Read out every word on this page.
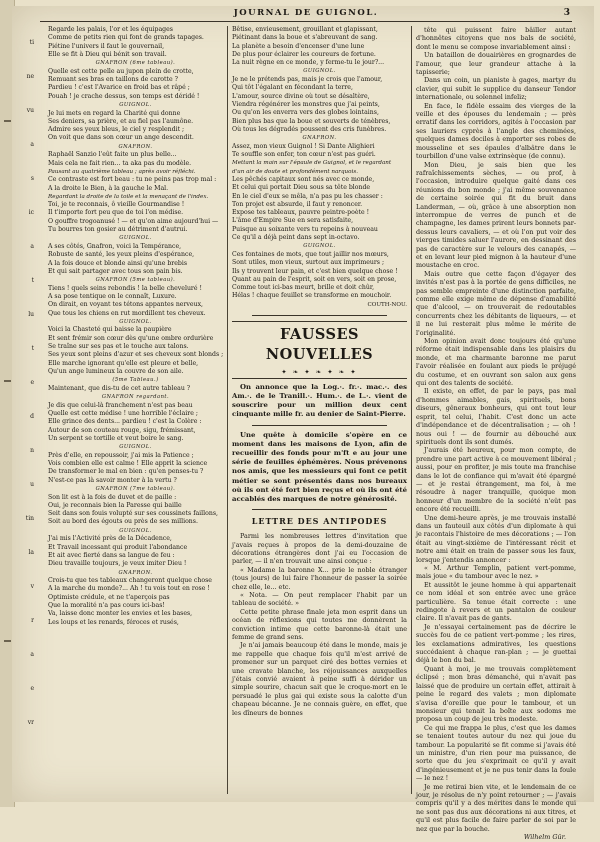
ti
ne
vu
a
s
ic
a
t
lu
t
e
d
n
u
tin
la
v
r
a
e
vr
JOURNAL DE GUIGNOL.	3
Regarde les palais, l'or et les équipages
Comme de petits rien qui font de grands tapages.
Piétine l'univers il faut le gouvernail,
Elle se fit à Dieu qui bénit son travail.
GNAFRON (6me tableau).
Quelle est cette pelle au jupon plein de crotte,
Remuant ses bras en taillons de carotte ?
Pardieu ! c'est l'Avarice en froid bas et râpé ;
Pouah ! je crache dessus, son temps est déridé !
GUIGNOL.
Je lui mets en regard la Charité qui donne
Ses deniers, sa prière, et au fiel pas l'aumône.
Admire ses yeux bleus, le ciel y resplendit ;
On voit que dans son cœur un ange descendit.
GNAFRON.
Raphaël Sanzio l'eût faite un plus belle...
Mais cela ne fait rien... ta aka pas du modèle.
Pausant au quatrième tableau ; après avoir réfléchi.
Ce contraste est fort beau : tu ne peins pas trop mal :
A la droite le Bien, à la gauche le Mal.
Regardant la droite de la toile et la menaçant de l'index.
Toi, je te reconnais, ô vieille Gourmandise !
Il t'importe fort peu que de toi l'on médise.
O gouffre trogoanusé ! — et qu'on aime aujourd'hui —
Tu bourres ton gosier au détriment d'autrui.
GUIGNOL.
A ses côtés, Gnafron, voici la Tempérance,
Robuste de santé, les yeux pleins d'espérance,
A la fois douce et blonde ainsi qu'une brebis
Et qui sait partager avec tous son pain bis.
GNAFRON (5me tableau).
Tiens ! quels seins rebondis ! la belle cheveluré !
A sa pose tentique on le connaît, Luxure.
On dirait, en voyant tes tétons appantes nerveux,
Que tous les chiens en rut mordillent tes cheveux.
GUIGNOL.
Voici la Chasteté qui baisse la paupière
Et sent frémir son cœur dès qu'une ombre ordurière
Se traîne sur ses pas et le touche aux talons.
Ses yeux sont pleins d'azur et ses cheveux sont blonds ;
Elle marche ignorant qu'elle est pleure et belle,
Qu'un ange lumineux la couvre de son aile.
(5me Tableau.)
Maintenant, que dis-tu de cet autre tableau ?
GNAFRON regardant.
Je dis que celui-là franchement n'est pas beau
Quelle est cette médise ! une horrible l'éclaire ;
Elle grince des dents... pardieu ! c'est la Colère :
Autour de son couteau rouge, sigu, frémissant,
Un serpent se tortille et veut boire le sang.
GUIGNOL.
Près d'elle, en repoussoir, j'ai mis la Patience ;
Vois combien elle est calme ! Elle apprit la science
De transformer le mal en bien : qu'en penses-tu ?
N'est-ce pas là savoir monter à la vertu ?
GNAFRON (7me tableau).
Son lit est à la fois de duvet et de paille :
Oui, je reconnais bien la Paresse qui baille
Seit dans son fouis volupté sur ses coussinets faillons,
Soit au bord des égouts ou près de ses millions.
GUIGNOL.
J'ai mis l'Activité près de la Décadence,
Et Travail incessant qui produit l'abondance
Et ait avec fierté dans sa langue de feu :
Dieu travaille toujours, je veux imiter Dieu !
GNAFRON.
Crois-tu que tes tableaux changeront quelque chose
A la marche du monde?... Ah ! tu vois tout en rose !
Optimiste crédule, et ne t'aperçois pas
Que la moralité n'a pas cours ici-bas!
Va, laisse donc monter les envies et les bases,
Les loups et les renards, féroces et rusés,
Bêtise, envieusement, grouillant et glapissant,
Piétinant dans la boue et s'abreuvant de sang.
La planète a besoin d'encenser d'une lune
De plus pour éclairer les coureurs de fortune.
La nuit règne en ce monde, y ferme-tu le jour?...
GUIGNOL.
Je ne le prétends pas, mais je crois que l'amour,
Qui tôt l'égalant en fécondant la terre,
L'amour, source divine où tout se désaltère,
Viendra régénérer les monstres que j'ai peints,
Ou qu'on les enverra vers des globes lointains,
Bien plus bas que la boue et souverts de ténèbres,
Où tous les dégradés poussent des cris funèbres.
GNAFRON.
Assez, mon vieux Guignol ! Si Dante Alighieri
Te souffle son enfer, ton cœur n'est pas guéri.
Mettant la main sur l'épaule de Guignol, et le regardant
d'un air de doute et profondément narquois.
Les pêchés capitaux sont nés avec ce monde,
Et celui qui portait Dieu sous sa tête blonde
En le ciel d'eux se mêla, n'a pas pu les chasser :
Ton projet est absurde, il faut y renoncer.
Expose tes tableaux, pauvre peintre-poète !
L'âme d'Empire Sue en sera satisfaite,
Puisque au soixante vers tu repeins à nouveau
Ce qu'il a déjà peint dans sept in-octavo.
GUIGNOL.
Ces fontaines de mots, que tout jaillir nos mœurs,
Sont utiles, mon vieux, surtout aux imprimeurs ;
Ils y trouvent leur pain, et c'est bien quelque chose !
Quant au pain de l'esprit, soit en vers, soit en prose,
Comme tout ici-bas meurt, brille et doit chûr,
Hélas ! chaque feuillet se transforme en mouchoir.
COUTH-NOU.
FAUSSES NOUVELLES
✦ ❧ ✦ ❧ ✦ ❧ ✦

On annonce que la Log.·. fr.·. mac.·. des Am.·. de le Tranill.·. Hum.·. de L.·. vient de souscrire pour un million deux cent cinquante mille fr. au denier de Saint-Pierre.

Une quête à domicile s'opère en ce moment dans les maisons de Lyon, afin de recueillir des fonds pour m'ft e au jour une série de feuilles éphémères. Nous prévenons nos amis, que les messieurs qui font ce petit métier se sont présentés dans nos bureaux où ils ont été fort bien reçus et où ils ont été accablés des marques de notre générosité.

LETTRE DES ANTIPODES

Parmi les nombreuses lettres d'invitation que j'avais reçues à propos de la demi-douzaine de décorations étrangères dont j'ai eu l'occasion de parler, — il n'en trouvait une ainsi conçue :

« Madame la baronne X... prie le noble étranger (tous jours) de lui faire l'honneur de passer la soirée chez elle, le... etc.

« Nota. — On peut remplacer l'habit par un tableau de société. »

Cette petite phrase finale jeta mon esprit dans un océan de réflexions qui toutes me donnèrent la conviction intime que cette baronne-là était une femme de grand sens.

Je n'ai jamais beaucoup été dans le monde, mais je me rappelle que chaque fois qu'il m'est arrivé de promener sur un parquet ciré des bottes vernies et une cravate blanche, les réjouissances auxquelles j'étais convié avaient à peine suffi à dérider un simple sourire, chacun sait que le croque-mort en le persuadé le plus gai qui existe sous la calotte d'un chapeau bécanne. Je ne connais guère, en effet, que les dîneurs de bonnes

tête qui puissent faire bâiller autant d'honnêtes citoyens que nos bals de société, dont le menu se compose invariablement ainsi :

Un bataillon de douairières en grognardes de l'amour, que leur grandeur attache à la tapisserie;

Dans un coin, un pianiste à gages, martyr du clavier, qui subit le supplice du danseur Tendor internationale, ou solennel infeliz;

En face, le fidèle essaim des vierges de la veille et des épouses du lendemain ; — près erratif dans les corridors, agités à l'occasion par ses lauriers cyprès à l'angle des cheminées, quelques dames dociles à emporter ses robes de mousseline et ses épaules d'albâtre dans le tourbillon d'une valse extrinsèque (de connu).

Mon Dieu, je sais bien que les rafraîchissements sèches, — ou prof, à l'occasion, introduire quelque gaité dans ces réunions du bon monde ; j'ai même souvenance de certaine soirée qui fit du bruit dans Landerman, — où, grâce à une absorption non interrompue de verres de punch et de champagne, les dames prirent leurs bonnets par-dessus leurs cavaliers, — et où l'on put voir des vierges timides saluer l'aurore, en dessinant des pas de caractère sur le velours des canapés, — et en levant leur pied mignon à la hauteur d'une moustache en croc.

Mais outre que cette façon d'égayer des invités n'est pas à la portée de gens difficiles, ne pas semble empreinte d'une distinction parfaite, comme elle exige même de dépense d'amabilité que d'alcool, — on trouverait de redoutables concurrents chez les débitants de liqueurs, — et il ne lui resterait plus même le mérite de l'originalité.

Mon opinion avait donc toujours été qu'une réforme était indispensable dans les plaisirs du monde, et ma charmante baronne me parut l'avoir réalisée en foulant aux pieds le préjugé du costume, et en ouvrant son salon aux gens qui ont des talents de société.

Il existe, en effet, de par le pays, pas mal d'hommes aimables, gais, spirituels, bons diseurs, gêneraux bonheurs, qui ont tout leur esprit, tel celui, l'habit. C'est donc un acte d'indépendance et de décentralisation ; — oh ! nous oui ! — de fournir au débouché aux spirituels dont ils sont dumés.

J'aurais été heureux, pour mon compte, de prendre une part active à ce mouvement libéral ; aussi, pour en profiter, je mis toute ma franchise dans le lot de confiance qui m'avait été épargné — et je restai étrangement, ma foi, à me résoudre à nager tranquille, quoique mon honneur d'un membre de la société n'eût pas encore été recueilli.

Une demi-heure après, je me trouvais installé dans un fauteuil aux côtés d'un diplomate à qui je racontais l'histoire de mes décorations ; — l'on était au vingt-sixième de l'intéressant récit et notre ami était en train de passer sous les faux, lorsque j'entendis annoncer :

« M. Arthur Templin, patient vert-pomme, mais joue « du tambour avec le nez. »

Et aussitôt le jeune homme à qui appartenait ce nom idéal et son entrée avec une grâce particulière. Sa tenue était correcte : une redingote à revers et un pantalon de couleur claire. Il n'avait pas de gants.

Je n'essayai certainement pas de décrire le succès fou de ce patient vert-pomme ; les rires, les exclamations admiratives, les questions succédaient à chaque ran-plan ; — je guettai déjà le bon du bal.

Quant à moi, je me trouvais complètement éclipsé ; mon bras démanché, qui n'avait pas laissé que de produire un certain effet, attirait à peine le regard des valets ; mon diplomate s'avisa d'oreille que pour le tambour, et un monsieur qui tenait la boîte aux sodoms me proposa un coup de jeu très modeste.

Ce qui me frappa le plus, c'est que les dames se tenaient toutes autour du nez qui joue du tambour. La popularité se fit comme si j'avais été un ministre, d'un rien pour ma puissance, de sorte que du jeu s'exprimait ce qu'il y avait d'ingénieusement et je ne pus tenir dans la foule — le nez !

Je me retirai bien vite, et le lendemain de ce jour, je résolus de n'y point retourner ; — j'avais compris qu'il y a des mérites dans le monde qui ne sont pas dus aux décorations ni aux titres, et qu'il est plus facile de faire parler de soi par le nez que par la bouche.

Wilhelm Gür.
